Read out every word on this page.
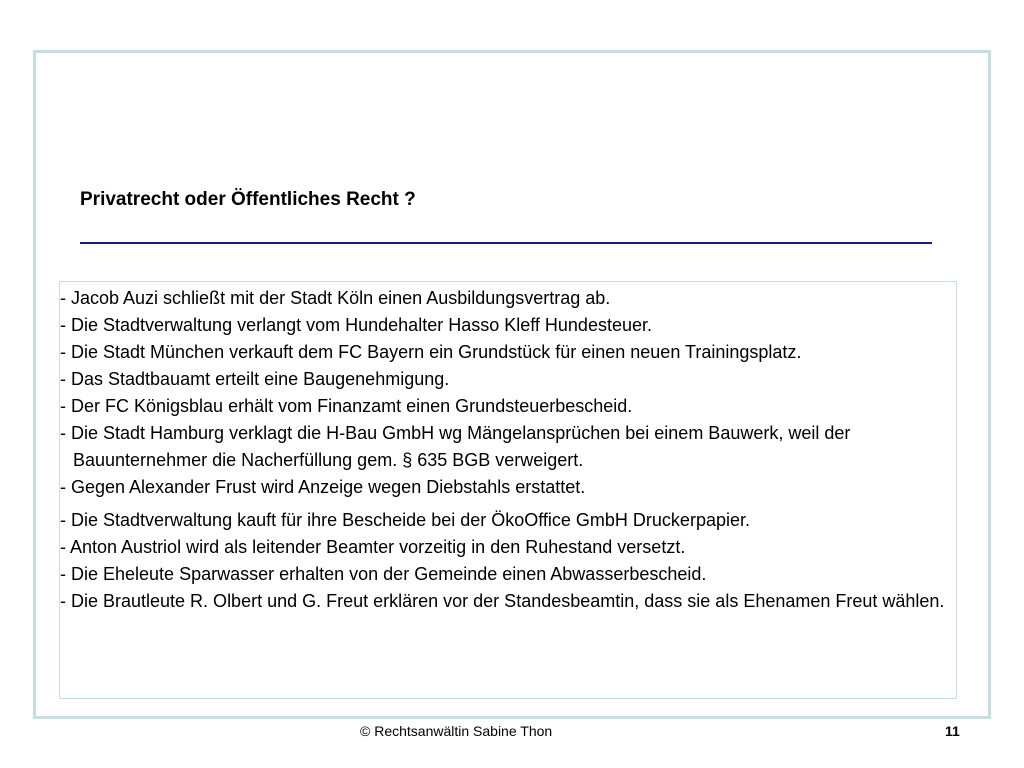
Privatrecht oder Öffentliches Recht ?
- Jacob Auzi schließt mit der Stadt Köln einen Ausbildungsvertrag ab.
- Die Stadtverwaltung verlangt vom Hundehalter Hasso Kleff Hundesteuer.
- Die Stadt München verkauft dem FC Bayern ein Grundstück für einen neuen Trainingsplatz.
- Das Stadtbauamt erteilt eine Baugenehmigung.
- Der FC Königsblau erhält vom Finanzamt einen Grundsteuerbescheid.
- Die Stadt Hamburg verklagt die H-Bau GmbH wg Mängelansprüchen bei einem Bauwerk, weil der Bauunternehmer die Nacherfüllung gem. § 635 BGB verweigert.
- Gegen Alexander Frust wird Anzeige wegen Diebstahls erstattet.
- Die Stadtverwaltung kauft für ihre Bescheide bei der ÖkoOffice GmbH Druckerpapier.
- Anton Austriol wird als leitender Beamter vorzeitig in den Ruhestand versetzt.
- Die Eheleute Sparwasser erhalten von der Gemeinde einen Abwasserbescheid.
- Die Brautleute R. Olbert und G. Freut erklären vor der Standesbeamtin, dass sie als Ehenamen Freut wählen.
© Rechtsanwältin Sabine Thon	11
